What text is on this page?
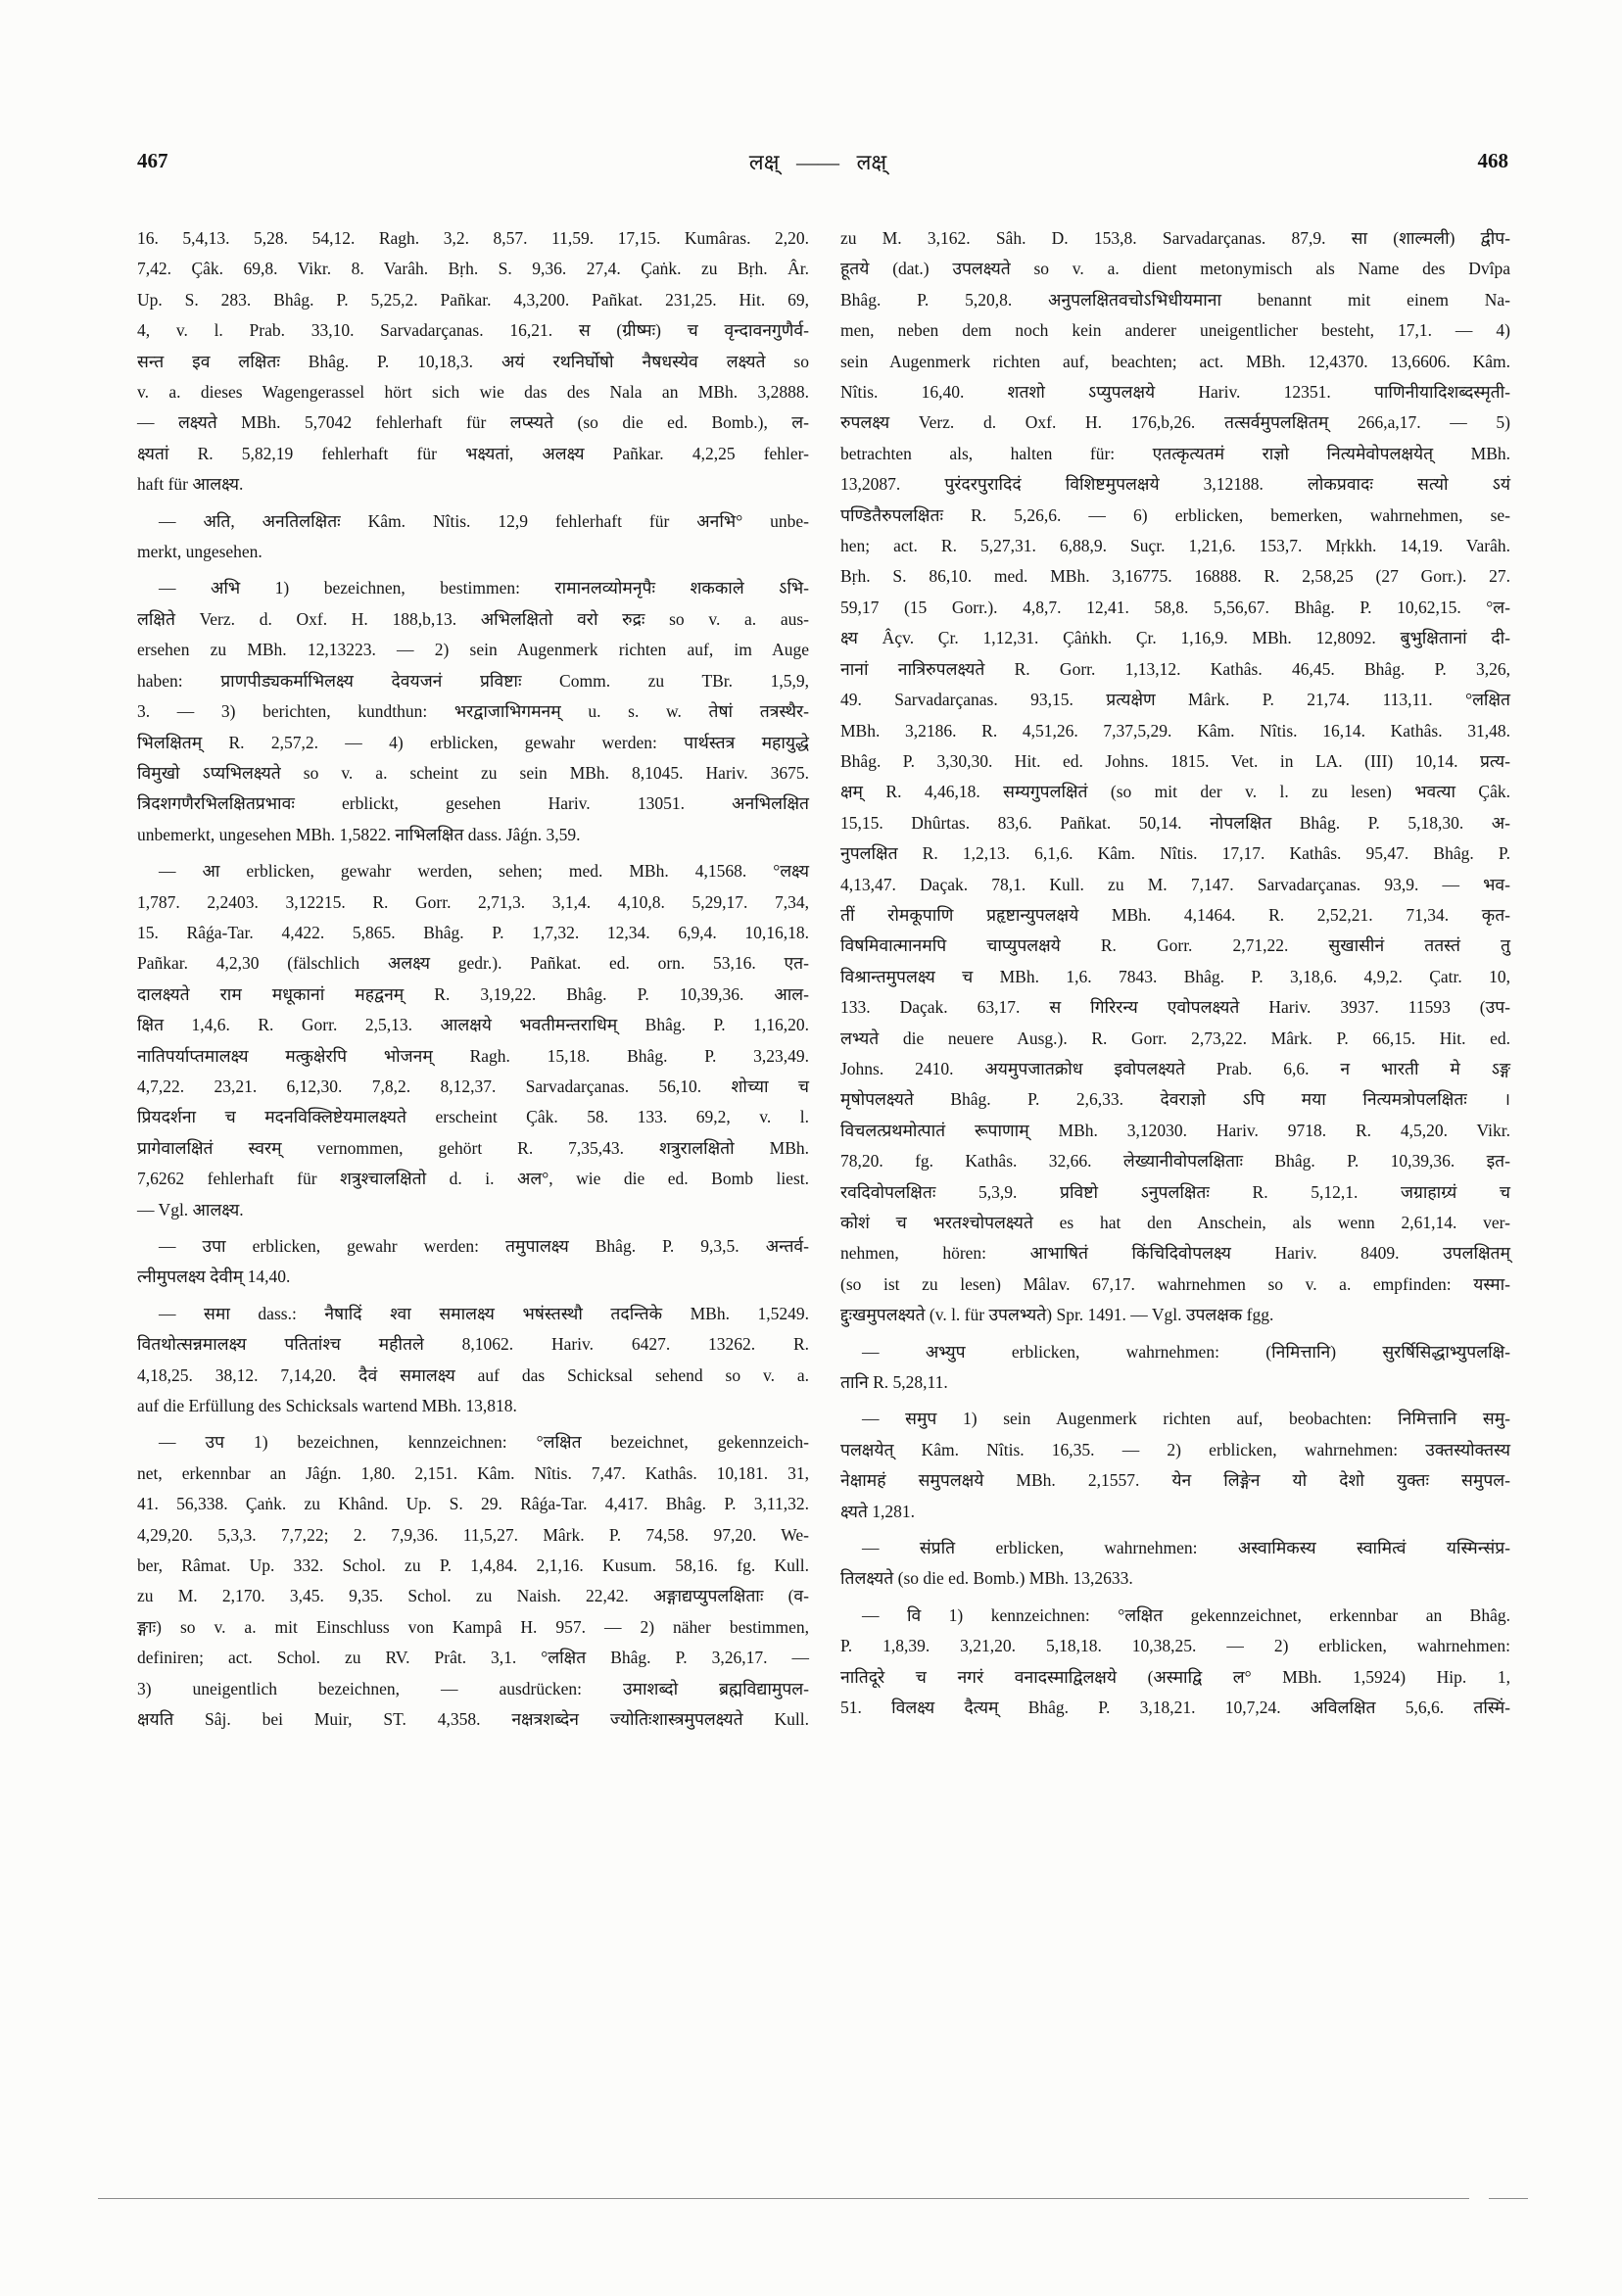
467	लक्ष् —— लक्ष्	468
16. 5,4,13. 5,28. 54,12. Ragh. 3,2. 8,57. 11,59. 17,15. Kumâras. 2,20.
7,42. Çâk. 69,8. Vikr. 8. Varâh. Bṛh. S. 9,36. 27,4. Çaṅk. zu Bṛh. Âr.
Up. S. 283. Bhâg. P. 5,25,2. Pañkar. 4,3,200. Pañkat. 231,25. Hit. 69,
4, v. l. Prab. 33,10. Sarvadarçanas. 16,21. स (ग्रीष्मः) च वृन्दावनगुणैर्व-
सन्त इव लक्षितः Bhâg. P. 10,18,3. अयं रथनिर्घोषो नैषधस्येव लक्ष्यते so
v. a. dieses Wagengerassel hört sich wie das des Nala an MBh. 3,2888.
— लक्ष्यते MBh. 5,7042 fehlerhaft für लप्स्यते (so die ed. Bomb.), ल-
क्ष्यतां R. 5,82,19 fehlerhaft für भक्ष्यतां, अलक्ष्य Pañkar. 4,2,25 fehler-
haft für आलक्ष्य.
— अति, अनतिलक्षितः Kâm. Nîtis. 12,9 fehlerhaft für अनभि° unbe-
merkt, ungesehen.
— अभि 1) bezeichnen, bestimmen: रामानलव्योमनृपैः शककाले ऽभि-
लक्षिते Verz. d. Oxf. H. 188,b,13. अभिलक्षितो वरो रुद्रः so v. a. aus-
ersehen zu MBh. 12,13223. — 2) sein Augenmerk richten auf, im Auge
haben: प्राणपीड्यकर्माभिलक्ष्य देवयजनं प्रविष्टाः Comm. zu TBr. 1,5,9,
3. — 3) berichten, kundthun: भरद्वाजाभिगमनम् u. s. w. तेषां तत्रस्थैर-
भिलक्षितम् R. 2,57,2. — 4) erblicken, gewahr werden: पार्थस्तत्र महायुद्धे
विमुखो ऽप्यभिलक्ष्यते so v. a. scheint zu sein MBh. 8,1045. Hariv. 3675.
त्रिदशगणैरभिलक्षितप्रभावः erblickt, gesehen Hariv. 13051. अनभिलक्षित
unbemerkt, ungesehen MBh. 1,5822. नाभिलक्षित dass. Jâǵn. 3,59.
— आ erblicken, gewahr werden, sehen; med. MBh. 4,1568. °लक्ष्य
1,787. 2,2403. 3,12215. R. Gorr. 2,71,3. 3,1,4. 4,10,8. 5,29,17. 7,34,
15. Râǵa-Tar. 4,422. 5,865. Bhâg. P. 1,7,32. 12,34. 6,9,4. 10,16,18.
Pañkar. 4,2,30 (fälschlich अलक्ष्य gedr.). Pañkat. ed. orn. 53,16. एत-
दालक्ष्यते राम मधूकानां महद्वनम् R. 3,19,22. Bhâg. P. 10,39,36. आल-
क्षित 1,4,6. R. Gorr. 2,5,13. आलक्षये भवतीमन्तराधिम् Bhâg. P. 1,16,20.
नातिपर्याप्तमालक्ष्य मत्कुक्षेरपि भोजनम् Ragh. 15,18. Bhâg. P. 3,23,49.
4,7,22. 23,21. 6,12,30. 7,8,2. 8,12,37. Sarvadarçanas. 56,10. शोच्या च
प्रियदर्शना च मदनविक्लिष्टेयमालक्ष्यते erscheint Çâk. 58. 133. 69,2, v. l.
प्रागेवालक्षितं स्वरम् vernommen, gehört R. 7,35,43. शत्रुरालक्षितो MBh.
7,6262 fehlerhaft für शत्रुश्चालक्षितो d. i. अल°, wie die ed. Bomb liest.
— Vgl. आलक्ष्य.
— उपा erblicken, gewahr werden: तमुपालक्ष्य Bhâg. P. 9,3,5. अन्तर्व-
त्नीमुपलक्ष्य देवीम् 14,40.
— समा dass.: नैषादिं श्वा समालक्ष्य भषंस्तस्थौ तदन्तिके MBh. 1,5249.
वितथोत्सन्नमालक्ष्य पतितांश्च महीतले 8,1062. Hariv. 6427. 13262. R.
4,18,25. 38,12. 7,14,20. दैवं समालक्ष्य auf das Schicksal sehend so v. a.
auf die Erfüllung des Schicksals wartend MBh. 13,818.
— उप 1) bezeichnen, kennzeichnen: °लक्षित bezeichnet, gekennzeich-
net, erkennbar an Jâǵn. 1,80. 2,151. Kâm. Nîtis. 7,47. Kathâs. 10,181. 31,
41. 56,338. Çaṅk. zu Khând. Up. S. 29. Râǵa-Tar. 4,417. Bhâg. P. 3,11,32.
4,29,20. 5,3,3. 7,7,22; 2. 7,9,36. 11,5,27. Mârk. P. 74,58. 97,20. We-
ber, Râmat. Up. 332. Schol. zu P. 1,4,84. 2,1,16. Kusum. 58,16. fg. Kull.
zu M. 2,170. 3,45. 9,35. Schol. zu Naish. 22,42. अङ्गाद्यप्युपलक्षिताः (व-
ङ्गाः) so v. a. mit Einschluss von Kampâ H. 957. — 2) näher bestimmen,
definiren; act. Schol. zu RV. Prât. 3,1. °लक्षित Bhâg. P. 3,26,17. —
3) uneigentlich bezeichnen, — ausdrücken: उमाशब्दो ब्रह्मविद्यामुपल-
क्षयति Sâj. bei Muir, ST. 4,358. नक्षत्रशब्देन ज्योतिःशास्त्रमुपलक्ष्यते Kull.
zu M. 3,162. Sâh. D. 153,8. Sarvadarçanas. 87,9. सा (शाल्मली) द्वीप-
हूतये (dat.) उपलक्ष्यते so v. a. dient metonymisch als Name des Dvîpa
Bhâg. P. 5,20,8. अनुपलक्षितवचोऽभिधीयमाना benannt mit einem Na-
men, neben dem noch kein anderer uneigentlicher besteht, 17,1. — 4)
sein Augenmerk richten auf, beachten; act. MBh. 12,4370. 13,6606. Kâm.
Nîtis. 16,40. शतशो ऽप्युपलक्षये Hariv. 12351. पाणिनीयादिशब्दस्मृती-
रुपलक्ष्य Verz. d. Oxf. H. 176,b,26. तत्सर्वमुपलक्षितम् 266,a,17. — 5)
betrachten als, halten für: एतत्कृत्यतमं राज्ञो नित्यमेवोपलक्षयेत् MBh.
13,2087. पुरंदरपुरादिदं विशिष्टमुपलक्षये 3,12188. लोकप्रवादः सत्यो ऽयं
पण्डितैरुपलक्षितः R. 5,26,6. — 6) erblicken, bemerken, wahrnehmen, se-
hen; act. R. 5,27,31. 6,88,9. Suçr. 1,21,6. 153,7. Mṛkkh. 14,19. Varâh.
Bṛh. S. 86,10. med. MBh. 3,16775. 16888. R. 2,58,25 (27 Gorr.). 27.
59,17 (15 Gorr.). 4,8,7. 12,41. 58,8. 5,56,67. Bhâg. P. 10,62,15. °ल-
क्ष्य Âçv. Çr. 1,12,31. Çâṅkh. Çr. 1,16,9. MBh. 12,8092. बुभुक्षितानां दी-
नानां नात्रिरुपलक्ष्यते R. Gorr. 1,13,12. Kathâs. 46,45. Bhâg. P. 3,26,
49. Sarvadarçanas. 93,15. प्रत्यक्षेण Mârk. P. 21,74. 113,11. °लक्षित
MBh. 3,2186. R. 4,51,26. 7,37,5,29. Kâm. Nîtis. 16,14. Kathâs. 31,48.
Bhâg. P. 3,30,30. Hit. ed. Johns. 1815. Vet. in LA. (III) 10,14. प्रत्य-
क्षम् R. 4,46,18. सम्यगुपलक्षितं (so mit der v. l. zu lesen) भवत्या Çâk.
15,15. Dhûrtas. 83,6. Pañkat. 50,14. नोपलक्षित Bhâg. P. 5,18,30. अ-
नुपलक्षित R. 1,2,13. 6,1,6. Kâm. Nîtis. 17,17. Kathâs. 95,47. Bhâg. P.
4,13,47. Daçak. 78,1. Kull. zu M. 7,147. Sarvadarçanas. 93,9. — भव-
तीं रोमकूपाणि प्रहृष्टान्युपलक्षये MBh. 4,1464. R. 2,52,21. 71,34. कृत-
विषमिवात्मानमपि चाप्युपलक्षये R. Gorr. 2,71,22. सुखासीनं ततस्तं तु
विश्रान्तमुपलक्ष्य च MBh. 1,6. 7843. Bhâg. P. 3,18,6. 4,9,2. Çatr. 10,
133. Daçak. 63,17. स गिरिरन्य एवोपलक्ष्यते Hariv. 3937. 11593 (उप-
लभ्यते die neuere Ausg.). R. Gorr. 2,73,22. Mârk. P. 66,15. Hit. ed.
Johns. 2410. अयमुपजातक्रोध इवोपलक्ष्यते Prab. 6,6. न भारती मे ऽङ्ग
मृषोपलक्ष्यते Bhâg. P. 2,6,33. देवराज्ञो ऽपि मया नित्यमत्रोपलक्षितः ।
विचलत्प्रथमोत्पातं रूपाणाम् MBh. 3,12030. Hariv. 9718. R. 4,5,20. Vikr.
78,20. fg. Kathâs. 32,66. लेख्यानीवोपलक्षिताः Bhâg. P. 10,39,36. इत-
रवदिवोपलक्षितः 5,3,9. प्रविष्टो ऽनुपलक्षितः R. 5,12,1. जग्राहाग्र्यं च
कोशं च भरतश्चोपलक्ष्यते es hat den Anschein, als wenn 2,61,14. ver-
nehmen, hören: आभाषितं किंचिदिवोपलक्ष्य Hariv. 8409. उपलक्षितम्
(so ist zu lesen) Mâlav. 67,17. wahrnehmen so v. a. empfinden: यस्मा-
द्दुःखमुपलक्ष्यते (v. l. für उपलभ्यते) Spr. 1491. — Vgl. उपलक्षक fgg.
— अभ्युप erblicken, wahrnehmen: (निमित्तानि) सुरर्षिसिद्धाभ्युपलक्षि-
तानि R. 5,28,11.
— समुप 1) sein Augenmerk richten auf, beobachten: निमित्तानि समु-
पलक्षयेत् Kâm. Nîtis. 16,35. — 2) erblicken, wahrnehmen: उक्तस्योक्तस्य
नेक्षामहं समुपलक्षये MBh. 2,1557. येन लिङ्गेन यो देशो युक्तः समुपल-
क्ष्यते 1,281.
— संप्रति erblicken, wahrnehmen: अस्वामिकस्य स्वामित्वं यस्मिन्संप्र-
तिलक्ष्यते (so die ed. Bomb.) MBh. 13,2633.
— वि 1) kennzeichnen: °लक्षित gekennzeichnet, erkennbar an Bhâg.
P. 1,8,39. 3,21,20. 5,18,18. 10,38,25. — 2) erblicken, wahrnehmen:
नातिदूरे च नगरं वनादस्माद्विलक्षये (अस्माद्वि ल° MBh. 1,5924) Hip. 1,
51. विलक्ष्य दैत्यम् Bhâg. P. 3,18,21. 10,7,24. अविलक्षित 5,6,6. तस्मिं-
